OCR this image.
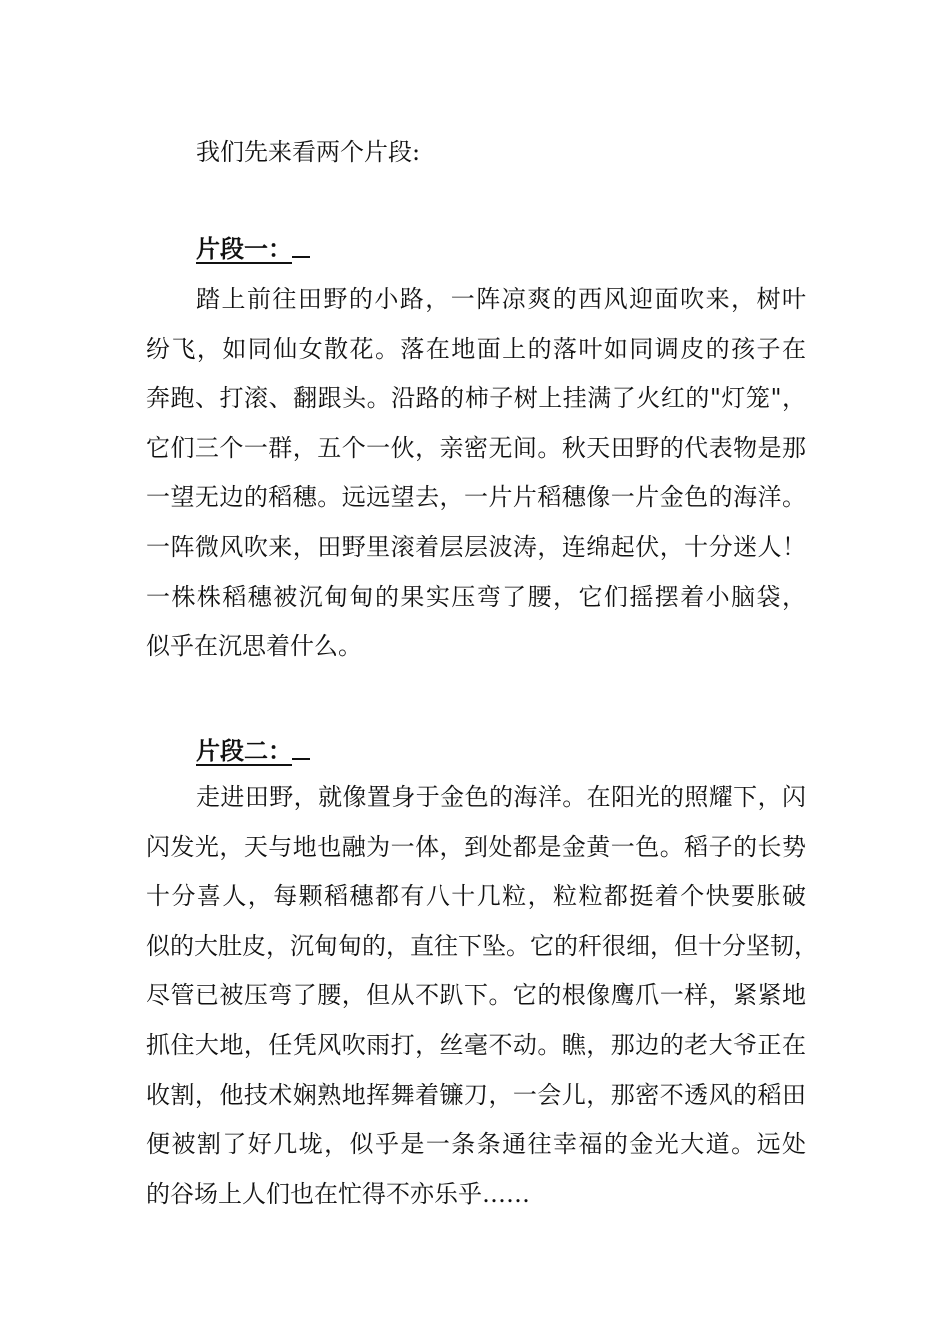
我们先来看两个片段:
片段一：
踏上前往田野的小路，一阵凉爽的西风迎面吹来，树叶
纷飞，如同仙女散花。落在地面上的落叶如同调皮的孩子在
奔跑、打滚、翻跟头。沿路的柿子树上挂满了火红的"灯笼"，
它们三个一群，五个一伙，亲密无间。秋天田野的代表物是那
一望无边的稻穗。远远望去，一片片稻穗像一片金色的海洋。
一阵微风吹来，田野里滚着层层波涛，连绵起伏，十分迷人！
一株株稻穗被沉甸甸的果实压弯了腰，它们摇摆着小脑袋，
似乎在沉思着什么。
片段二：
走进田野，就像置身于金色的海洋。在阳光的照耀下，闪
闪发光，天与地也融为一体，到处都是金黄一色。稻子的长势
十分喜人，每颗稻穗都有八十几粒，粒粒都挺着个快要胀破
似的大肚皮，沉甸甸的，直往下坠。它的秆很细，但十分坚韧，
尽管已被压弯了腰，但从不趴下。它的根像鹰爪一样，紧紧地
抓住大地，任凭风吹雨打，丝毫不动。瞧，那边的老大爷正在
收割，他技术娴熟地挥舞着镰刀，一会儿，那密不透风的稻田
便被割了好几垅，似乎是一条条通往幸福的金光大道。远处
的谷场上人们也在忙得不亦乐乎……
